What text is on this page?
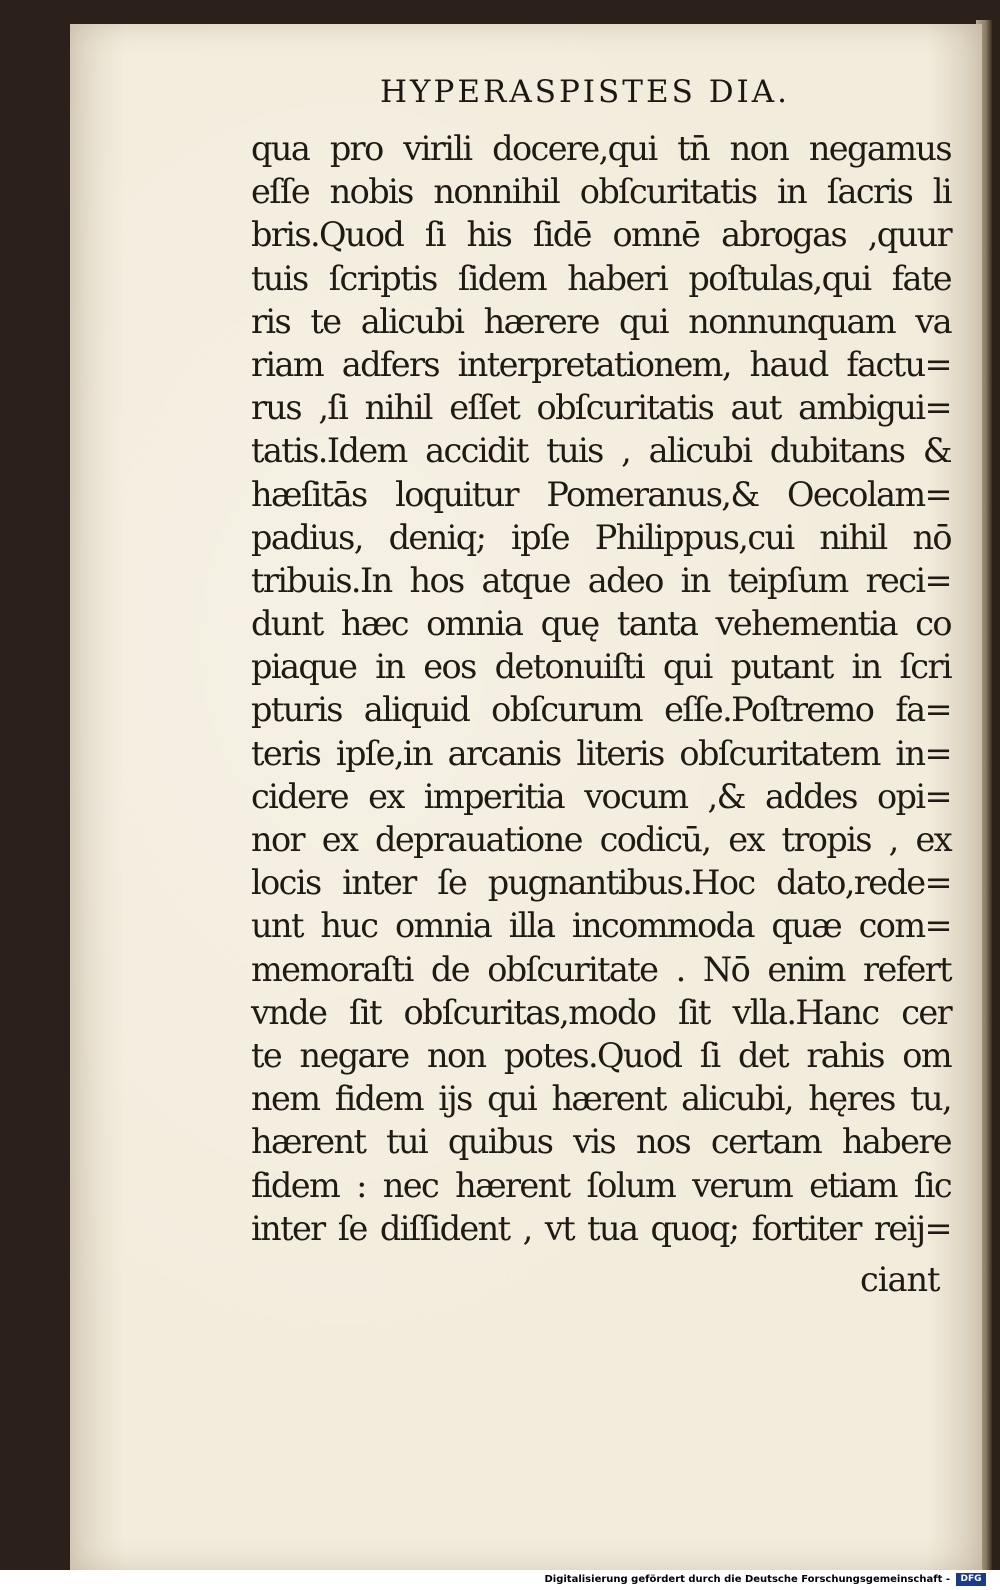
HYPERASPISTES DIA.
qua pro virili docere,qui tn̄ non negamus
eſſe nobis nonnihil obſcuritatis in ſacris li
bris.Quod ſi his ſidē omnē abrogas ,quur
tuis ſcriptis ſidem haberi poſtulas,qui fate
ris te alicubi hærere qui nonnunquam va
riam adfers interpretationem, haud factu=
rus ,ſi nihil eſſet obſcuritatis aut ambigui=
tatis.Idem accidit tuis , alicubi dubitans &
hæſitās loquitur Pomeranus,& Oecolam=
padius, deniq; ipſe Philippus,cui nihil nō
tribuis.In hos atque adeo in teipſum reci=
dunt hæc omnia quę tanta vehementia co
piaque in eos detonuiſti qui putant in ſcri
pturis aliquid obſcurum eſſe.Poſtremo fa=
teris ipſe,in arcanis literis obſcuritatem in=
cidere ex imperitia vocum ,& addes opi=
nor ex deprauatione codicū, ex tropis , ex
locis inter ſe pugnantibus.Hoc dato,rede=
unt huc omnia illa incommoda quæ com=
memoraſti de obſcuritate . Nō enim refert
vnde ſit obſcuritas,modo ſit vlla.Hanc cer
te negare non potes.Quod ſi det rahis om
nem fidem ijs qui hærent alicubi, hęres tu,
hærent tui quibus vis nos certam habere
fidem : nec hærent ſolum verum etiam ſic
inter ſe diſſident , vt tua quoq; fortiter reij=
ciant
Digitalisierung gefördert durch die Deutsche Forschungsgemeinschaft -	DFG
